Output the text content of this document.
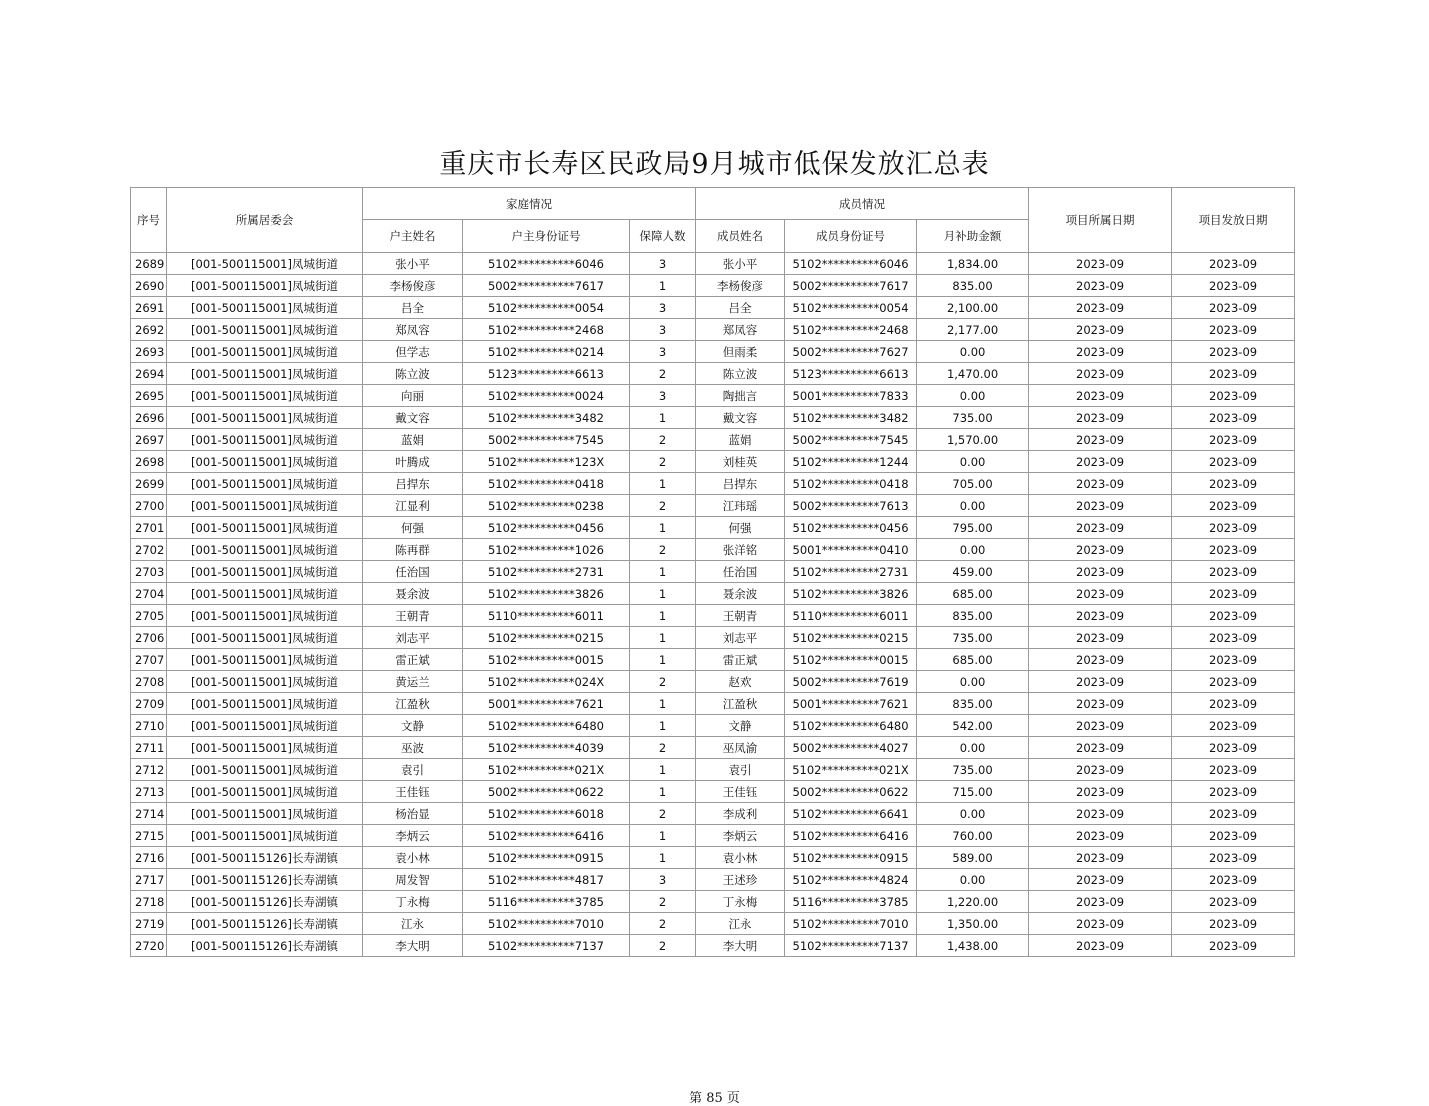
重庆市长寿区民政局9月城市低保发放汇总表
序号	所属居委会	家庭情况			成员情况			项目所属日期	项目发放日期
		户主姓名	户主身份证号	保障人数	成员姓名	成员身份证号	月补助金额		
2689	[001-500115001]凤城街道	张小平	5102**********6046	3	张小平	5102**********6046	1,834.00	2023-09	2023-09
2690	[001-500115001]凤城街道	李杨俊彦	5002**********7617	1	李杨俊彦	5002**********7617	835.00	2023-09	2023-09
2691	[001-500115001]凤城街道	吕全	5102**********0054	3	吕全	5102**********0054	2,100.00	2023-09	2023-09
2692	[001-500115001]凤城街道	郑凤容	5102**********2468	3	郑凤容	5102**********2468	2,177.00	2023-09	2023-09
2693	[001-500115001]凤城街道	但学志	5102**********0214	3	但雨柔	5002**********7627	0.00	2023-09	2023-09
2694	[001-500115001]凤城街道	陈立波	5123**********6613	2	陈立波	5123**********6613	1,470.00	2023-09	2023-09
2695	[001-500115001]凤城街道	向丽	5102**********0024	3	陶拙言	5001**********7833	0.00	2023-09	2023-09
2696	[001-500115001]凤城街道	戴文容	5102**********3482	1	戴文容	5102**********3482	735.00	2023-09	2023-09
2697	[001-500115001]凤城街道	蓝娟	5002**********7545	2	蓝娟	5002**********7545	1,570.00	2023-09	2023-09
2698	[001-500115001]凤城街道	叶腾成	5102**********123X	2	刘桂英	5102**********1244	0.00	2023-09	2023-09
2699	[001-500115001]凤城街道	吕捍东	5102**********0418	1	吕捍东	5102**********0418	705.00	2023-09	2023-09
2700	[001-500115001]凤城街道	江显利	5102**********0238	2	江玮瑶	5002**********7613	0.00	2023-09	2023-09
2701	[001-500115001]凤城街道	何强	5102**********0456	1	何强	5102**********0456	795.00	2023-09	2023-09
2702	[001-500115001]凤城街道	陈再群	5102**********1026	2	张洋铭	5001**********0410	0.00	2023-09	2023-09
2703	[001-500115001]凤城街道	任治国	5102**********2731	1	任治国	5102**********2731	459.00	2023-09	2023-09
2704	[001-500115001]凤城街道	聂余波	5102**********3826	1	聂余波	5102**********3826	685.00	2023-09	2023-09
2705	[001-500115001]凤城街道	王朝青	5110**********6011	1	王朝青	5110**********6011	835.00	2023-09	2023-09
2706	[001-500115001]凤城街道	刘志平	5102**********0215	1	刘志平	5102**********0215	735.00	2023-09	2023-09
2707	[001-500115001]凤城街道	雷正斌	5102**********0015	1	雷正斌	5102**********0015	685.00	2023-09	2023-09
2708	[001-500115001]凤城街道	黄运兰	5102**********024X	2	赵欢	5002**********7619	0.00	2023-09	2023-09
2709	[001-500115001]凤城街道	江盈秋	5001**********7621	1	江盈秋	5001**********7621	835.00	2023-09	2023-09
2710	[001-500115001]凤城街道	文静	5102**********6480	1	文静	5102**********6480	542.00	2023-09	2023-09
2711	[001-500115001]凤城街道	巫波	5102**********4039	2	巫凤渝	5002**********4027	0.00	2023-09	2023-09
2712	[001-500115001]凤城街道	袁引	5102**********021X	1	袁引	5102**********021X	735.00	2023-09	2023-09
2713	[001-500115001]凤城街道	王佳钰	5002**********0622	1	王佳钰	5002**********0622	715.00	2023-09	2023-09
2714	[001-500115001]凤城街道	杨治显	5102**********6018	2	李成利	5102**********6641	0.00	2023-09	2023-09
2715	[001-500115001]凤城街道	李炳云	5102**********6416	1	李炳云	5102**********6416	760.00	2023-09	2023-09
2716	[001-500115126]长寿湖镇	袁小林	5102**********0915	1	袁小林	5102**********0915	589.00	2023-09	2023-09
2717	[001-500115126]长寿湖镇	周发智	5102**********4817	3	王述珍	5102**********4824	0.00	2023-09	2023-09
2718	[001-500115126]长寿湖镇	丁永梅	5116**********3785	2	丁永梅	5116**********3785	1,220.00	2023-09	2023-09
2719	[001-500115126]长寿湖镇	江永	5102**********7010	2	江永	5102**********7010	1,350.00	2023-09	2023-09
2720	[001-500115126]长寿湖镇	李大明	5102**********7137	2	李大明	5102**********7137	1,438.00	2023-09	2023-09
第 85 页
